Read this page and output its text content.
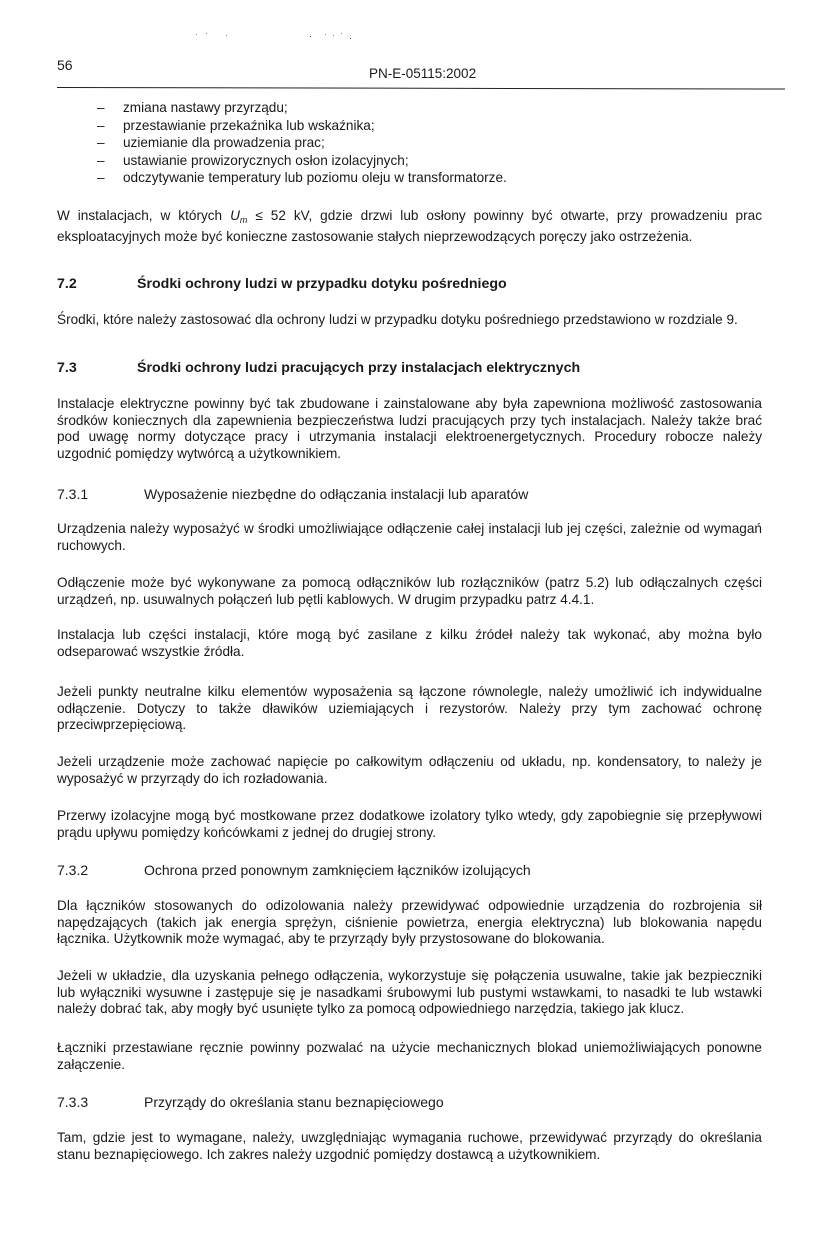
56
PN-E-05115:2002
– zmiana nastawy przyrządu;
– przestawianie przekaźnika lub wskaźnika;
– uziemianie dla prowadzenia prac;
– ustawianie prowizorycznych osłon izolacyjnych;
– odczytywanie temperatury lub poziomu oleju w transformatorze.

W instalacjach, w których $U_m \le 52$ kV, gdzie drzwi lub osłony powinny być otwarte, przy prowadzeniu prac eksploatacyjnych może być konieczne zastosowanie stałych nieprzewodzących poręczy jako ostrzeżenia.

7.2	Środki ochrony ludzi w przypadku dotyku pośredniego

Środki, które należy zastosować dla ochrony ludzi w przypadku dotyku pośredniego przedstawiono w rozdziale 9.

7.3	Środki ochrony ludzi pracujących przy instalacjach elektrycznych

Instalacje elektryczne powinny być tak zbudowane i zainstalowane aby była zapewniona możliwość zastosowania środków koniecznych dla zapewnienia bezpieczeństwa ludzi pracujących przy tych instalacjach. Należy także brać pod uwagę normy dotyczące pracy i utrzymania instalacji elektroenergetycznych. Procedury robocze należy uzgodnić pomiędzy wytwórcą a użytkownikiem.

7.3.1	Wyposażenie niezbędne do odłączania instalacji lub aparatów

Urządzenia należy wyposażyć w środki umożliwiające odłączenie całej instalacji lub jej części, zależnie od wymagań ruchowych.

Odłączenie może być wykonywane za pomocą odłączników lub rozłączników (patrz 5.2) lub odłączalnych części urządzeń, np. usuwalnych połączeń lub pętli kablowych. W drugim przypadku patrz 4.4.1.

Instalacja lub części instalacji, które mogą być zasilane z kilku źródeł należy tak wykonać, aby można było odseparować wszystkie źródła.

Jeżeli punkty neutralne kilku elementów wyposażenia są łączone równolegle, należy umożliwić ich indywidualne odłączenie. Dotyczy to także dławików uziemiających i rezystorów. Należy przy tym zachować ochronę przeciwprzepięciową.

Jeżeli urządzenie może zachować napięcie po całkowitym odłączeniu od układu, np. kondensatory, to należy je wyposażyć w przyrządy do ich rozładowania.

Przerwy izolacyjne mogą być mostkowane przez dodatkowe izolatory tylko wtedy, gdy zapobiegnie się przepływowi prądu upływu pomiędzy końcówkami z jednej do drugiej strony.

7.3.2	Ochrona przed ponownym zamknięciem łączników izolujących

Dla łączników stosowanych do odizolowania należy przewidywać odpowiednie urządzenia do rozbrojenia sił napędzających (takich jak energia sprężyn, ciśnienie powietrza, energia elektryczna) lub blokowania napędu łącznika. Użytkownik może wymagać, aby te przyrządy były przystosowane do blokowania.

Jeżeli w układzie, dla uzyskania pełnego odłączenia, wykorzystuje się połączenia usuwalne, takie jak bezpieczniki lub wyłączniki wysuwne i zastępuje się je nasadkami śrubowymi lub pustymi wstawkami, to nasadki te lub wstawki należy dobrać tak, aby mogły być usunięte tylko za pomocą odpowiedniego narzędzia, takiego jak klucz.

Łączniki przestawiane ręcznie powinny pozwalać na użycie mechanicznych blokad uniemożliwiających ponowne załączenie.

7.3.3	Przyrządy do określania stanu beznapięciowego

Tam, gdzie jest to wymagane, należy, uwzględniając wymagania ruchowe, przewidywać przyrządy do określania stanu beznapięciowego. Ich zakres należy uzgodnić pomiędzy dostawcą a użytkownikiem.
